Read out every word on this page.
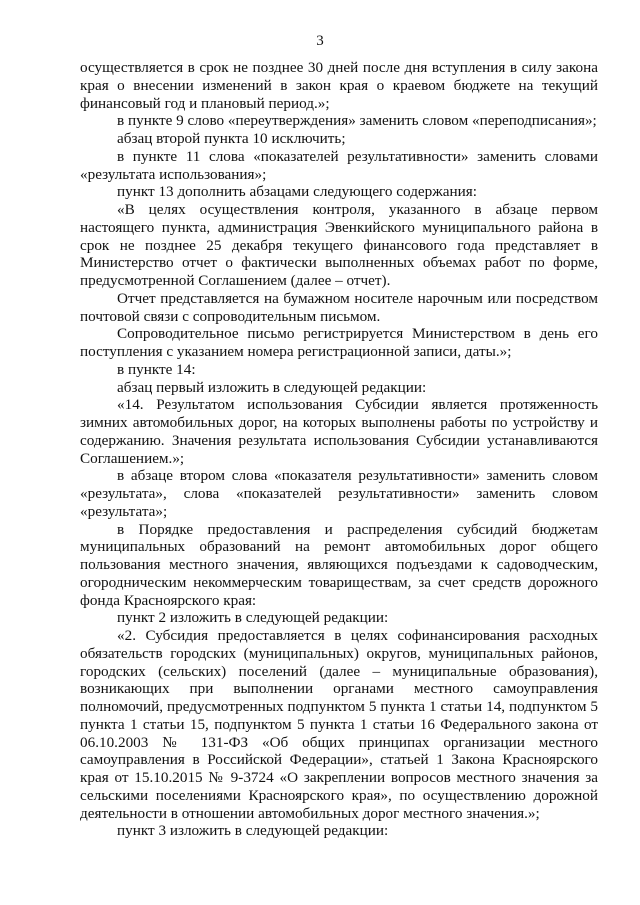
3

осуществляется в срок не позднее 30 дней после дня вступления в силу закона края о внесении изменений в закон края о краевом бюджете на текущий финансовый год и плановый период.»;

в пункте 9 слово «переутверждения» заменить словом «переподписания»;

абзац второй пункта 10 исключить;

в пункте 11 слова «показателей результативности» заменить словами «результата использования»;

пункт 13 дополнить абзацами следующего содержания:

«В целях осуществления контроля, указанного в абзаце первом настоящего пункта, администрация Эвенкийского муниципального района в срок не позднее 25 декабря текущего финансового года представляет в Министерство отчет о фактически выполненных объемах работ по форме, предусмотренной Соглашением (далее – отчет).

Отчет представляется на бумажном носителе нарочным или посредством почтовой связи с сопроводительным письмом.

Сопроводительное письмо регистрируется Министерством в день его поступления с указанием номера регистрационной записи, даты.»;

в пункте 14:

абзац первый изложить в следующей редакции:

«14. Результатом использования Субсидии является протяженность зимних автомобильных дорог, на которых выполнены работы по устройству и содержанию. Значения результата использования Субсидии устанавливаются Соглашением.»;

в абзаце втором слова «показателя результативности» заменить словом «результата», слова «показателей результативности» заменить словом «результата»;

в Порядке предоставления и распределения субсидий бюджетам муниципальных образований на ремонт автомобильных дорог общего пользования местного значения, являющихся подъездами к садоводческим, огородническим некоммерческим товариществам, за счет средств дорожного фонда Красноярского края:

пункт 2 изложить в следующей редакции:

«2. Субсидия предоставляется в целях софинансирования расходных обязательств городских (муниципальных) округов, муниципальных районов, городских (сельских) поселений (далее – муниципальные образования), возникающих при выполнении органами местного самоуправления полномочий, предусмотренных подпунктом 5 пункта 1 статьи 14, подпунктом 5 пункта 1 статьи 15, подпунктом 5 пункта 1 статьи 16 Федерального закона от 06.10.2003 № 131-ФЗ «Об общих принципах организации местного самоуправления в Российской Федерации», статьей 1 Закона Красноярского края от 15.10.2015 № 9-3724 «О закреплении вопросов местного значения за сельскими поселениями Красноярского края», по осуществлению дорожной деятельности в отношении автомобильных дорог местного значения.»;

пункт 3 изложить в следующей редакции:
